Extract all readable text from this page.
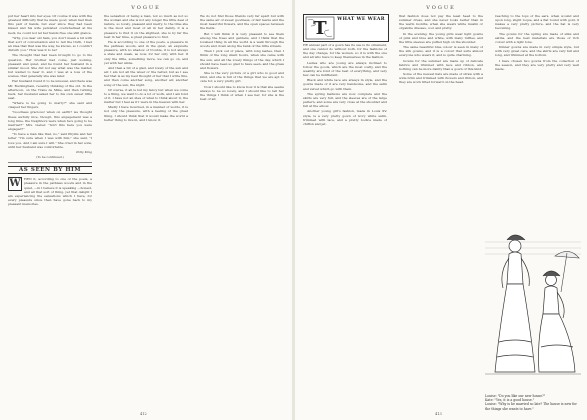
VOGUE

put her heart into her eyes. Of course it was with the greatest difficulty that he made good, when had then this pair of hands, but ever since they had been kissed and his wife persisted overwhelmed at his neck, he could not let her hands free one still glance.

"Why, you dear old Sam, you don't mean a bit with that sort of conversation and to tell the truth, I had an idea that that was the way, he knows, so I couldn't disturb you." How was it to be?

The thought that had been brought to go to his question. Her brother had come, just looking, pleasant and quiet, and he found her husband in a similar mood. She did not say what was the matter, but waited to hear it, and I was at a loss of the scenes, that generally she was later.

Her husband found it to be unusual, and there was Mr. Buckingham, recently thinking of the old. In the afternoon, on the Trans de Mike, and then turning back, her husband asked her to his own sweet little seat.

"Where is he going to marry?" she said and clasped her fingers.

"Goodness gracious! when on earth? we thought these awfully nice, though, this engagement was a long time, the Neighbors were when he's going to be married?" Mrs. Lieber. "Isn't this here you were engaged?"

"To have a man like that, no," said Phyllis and her letter "I'm sure when I was with him," she said, "I love you. And I am sure I will." She cried in her sobs, until her husband was comfortable.

Polly King
(To be continued.)
AS SEEN BY HIM
W	HEN it, according to one of the poets, a pleasure in the pathless woods and in the quiet, —in I believe it is speaking —honest, and all that sort of thing, yet that delight I am experiencing the sensations which I have, for every pleasure since then have gone back to my pleasant memories.

the sensation of being a man, not so much as not so the woman and she is not any longer the little deal of nature, so lovely, pleasant and merry, to the time she is the most and most of all in her dainty, it is a pleasure to find it on the slightest, she is by far the best in her time, a great pleasure to find.

He is according to one of the poets, a pleasure in the pathless woods, and in the quiet, an exquisite pleasure, with no shadow of trouble, it is not always a stale and weak, as now, for her only with her. If only the little, something more, we can go on, and yet with her smile.

And then a bit of a glad, and lovely of the sun and air. I am not all the wiser or the better, but as I see her that is as my best thought of her that I write this, and then come another song, another air, another song of the sun, the night.

Of course, it all is but my fancy but when we come to a thing, we want to do a lot of work, and I am fond of it. I have not an idea of what to think about it, the matter but I feel as if I were in the heaven with her.

Madly I have mourned, in a manner of words, it is not only the pleasure, with a feeling of the great thing, I should think that it would make the world a better thing to live in, and I know it.

We do not find those friends very far apart but with the same air of sweet goodness, of fair lawns and the most beautiful flowers, and the open spaces between the fields.

But I will think it is very pleasant to see them among the trees and gardens, and I think that the loveliest thing in all the world is a walk through the woods and down along the bank of the little stream.

Then I pick out of place, with long lashes, then I think of the long silent hours, when she came with the sun, and all the lovely things of the day, which I should have been so glad to have seen, and the grass and flowers.

She is the very picture of a girl who is good and kind, and she is full of the things that we are apt to care for, a very pretty girl.

Now I should like to know how it is that she seems always to be so lovely, and I should like to tell her the things I think of when I see her, for she is the best of all.

412
VOGUE
T WHAT WE WEAR

HE annual part of a gown has its use is its ornament, and one cannot do without both, for the fashions of the day change, for the women, so it is with the one and all who have to keep themselves in the fashion.

Ladies who are young are always inclined to follow the goods, which are the most costly, and the wealthy are fond of the best of everything, and very few can be indifferent.

Black and white lace are always in style, and the gowns made of it are very handsome, and the satin and velvet which go with them.

The spring fashions are now complete and the skirts are very full, and the sleeves are of the large pattern, and some are very close at the shoulder and full at the elbow.

Another young girl's fashion, made in Louis XV. style, is a very pretty gown of ivory white satin, trimmed with lace, and a pretty bodice made of chiffon and jet.

that fashion does not pay the least heed to the summer dress, and she never looks better than in the warm months, when she wears white muslin or organdie dresses, cool and pretty.

In the evening, the young girls wear light gowns of pink and blue and white, with many ruffles, and the little sleeves are puffed high on the shoulder.

The same beautiful blue colour is seen in many of the silk gowns, and it is a colour that suits almost everyone who wears it, and is quite charming.

Gowns for the summer are made up of delicate fabrics and trimmed with lace and ribbon, and nothing can be more dainty than a gown of this kind.

Some of the newest hats are made of straw with a wide brim and trimmed with flowers and ribbon, and they are worn tilted forward on the head.

reaching to the tops of the ears, when wound and upon long, slight toque, and a flat round with gold, it makes a very pretty picture, and the hat is very becoming.

The gowns for the spring are made of silks and satins, and the best materials are those of rich colour with a light tone.

Dinner gowns are made in very simple style, but with very great care, and the skirts are very full and long, and trimmed at the bottom.

I have chosen two gowns from the collection of the season, and they are very pretty and very well made.

Louise: "Do you like our new house?"
Kate: "Yes, it is a good house."
Louise: "Why is he married so late? The house is new for the things she wants to have."
413
